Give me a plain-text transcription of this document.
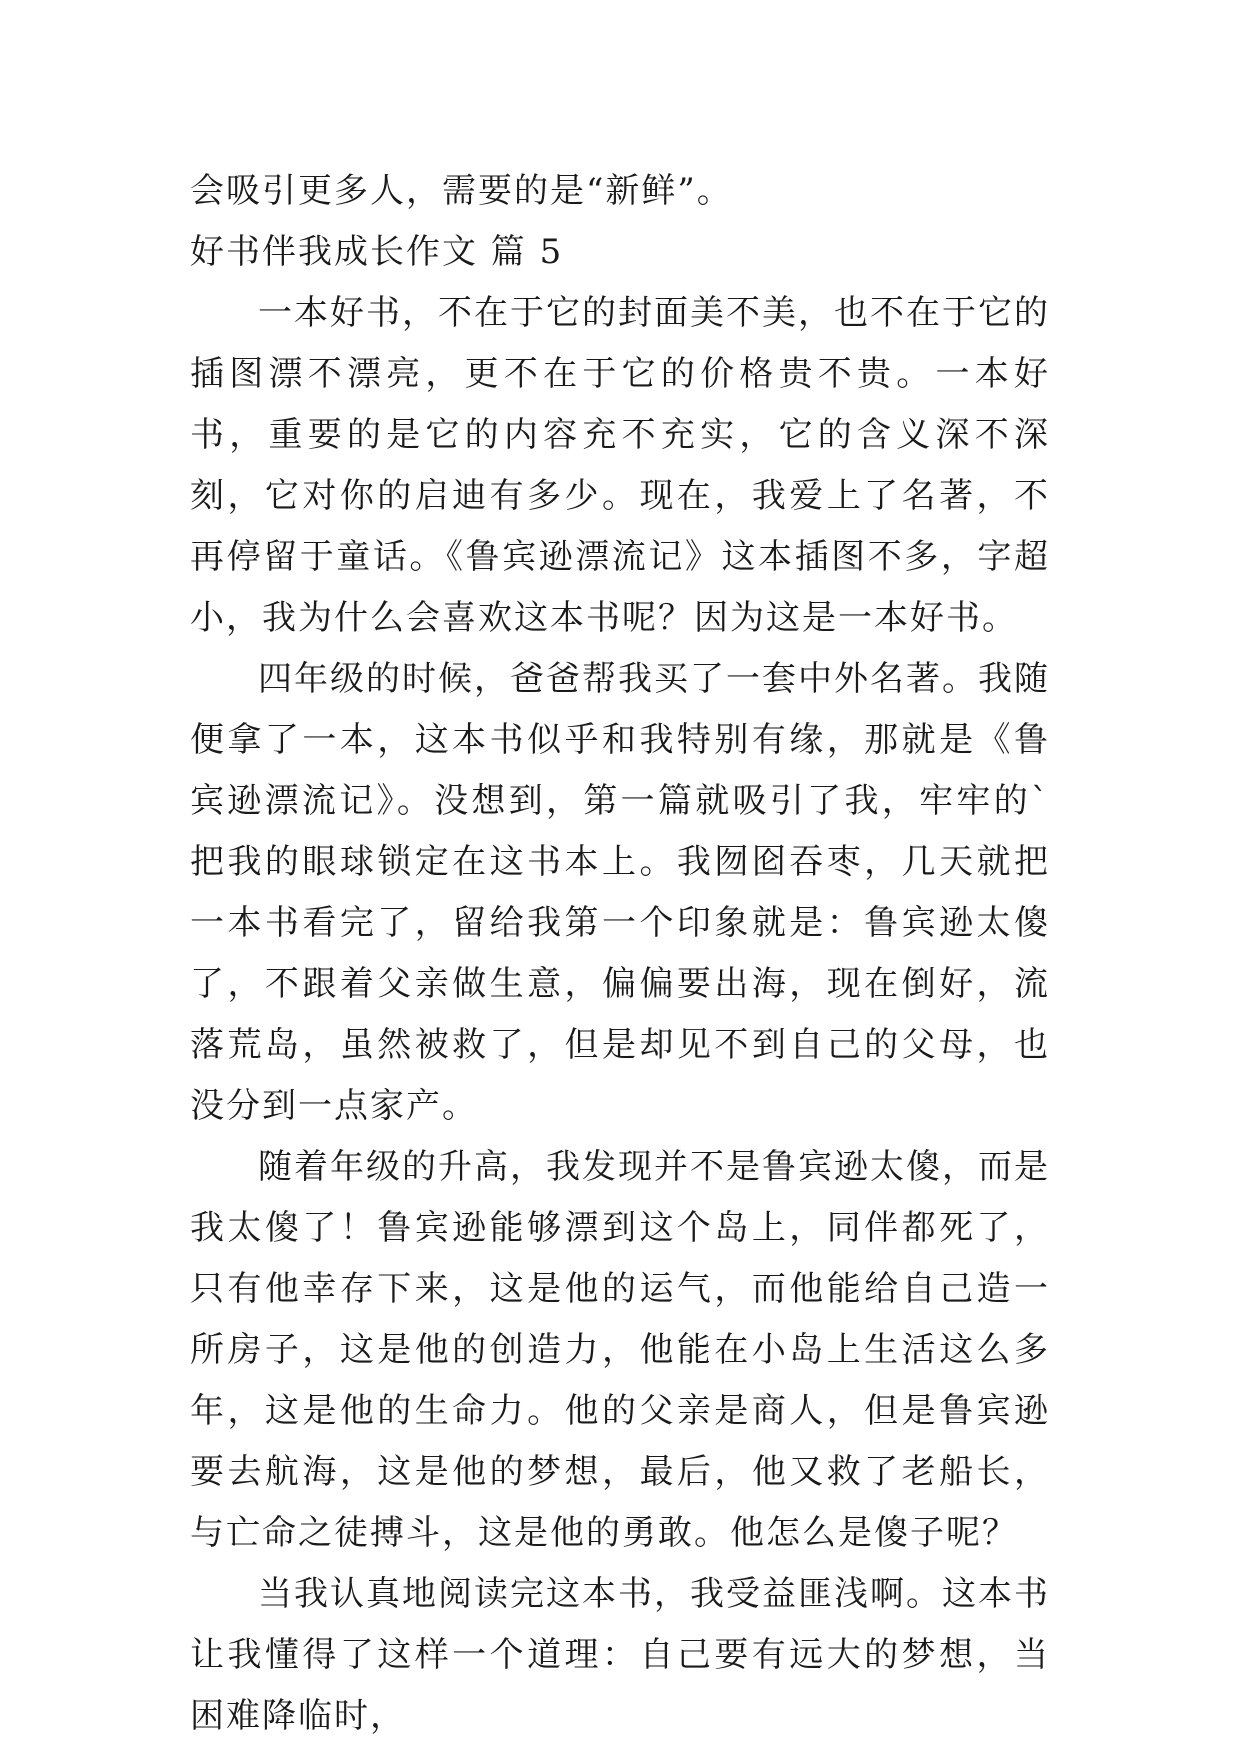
会吸引更多人，需要的是“新鲜”。

好书伴我成长作文 篇 5

一本好书，不在于它的封面美不美，也不在于它的插图漂不漂亮，更不在于它的价格贵不贵。一本好书，重要的是它的内容充不充实，它的含义深不深刻，它对你的启迪有多少。现在，我爱上了名著，不再停留于童话。《鲁宾逊漂流记》这本插图不多，字超小，我为什么会喜欢这本书呢？因为这是一本好书。

四年级的时候，爸爸帮我买了一套中外名著。我随便拿了一本，这本书似乎和我特别有缘，那就是《鲁宾逊漂流记》。没想到，第一篇就吸引了我，牢牢的`把我的眼球锁定在这书本上。我囫囵吞枣，几天就把一本书看完了，留给我第一个印象就是：鲁宾逊太傻了，不跟着父亲做生意，偏偏要出海，现在倒好，流落荒岛，虽然被救了，但是却见不到自己的父母，也没分到一点家产。

随着年级的升高，我发现并不是鲁宾逊太傻，而是我太傻了！鲁宾逊能够漂到这个岛上，同伴都死了，只有他幸存下来，这是他的运气，而他能给自己造一所房子，这是他的创造力，他能在小岛上生活这么多年，这是他的生命力。他的父亲是商人，但是鲁宾逊要去航海，这是他的梦想，最后，他又救了老船长，与亡命之徒搏斗，这是他的勇敢。他怎么是傻子呢？

当我认真地阅读完这本书，我受益匪浅啊。这本书让我懂得了这样一个道理：自己要有远大的梦想，当困难降临时，
